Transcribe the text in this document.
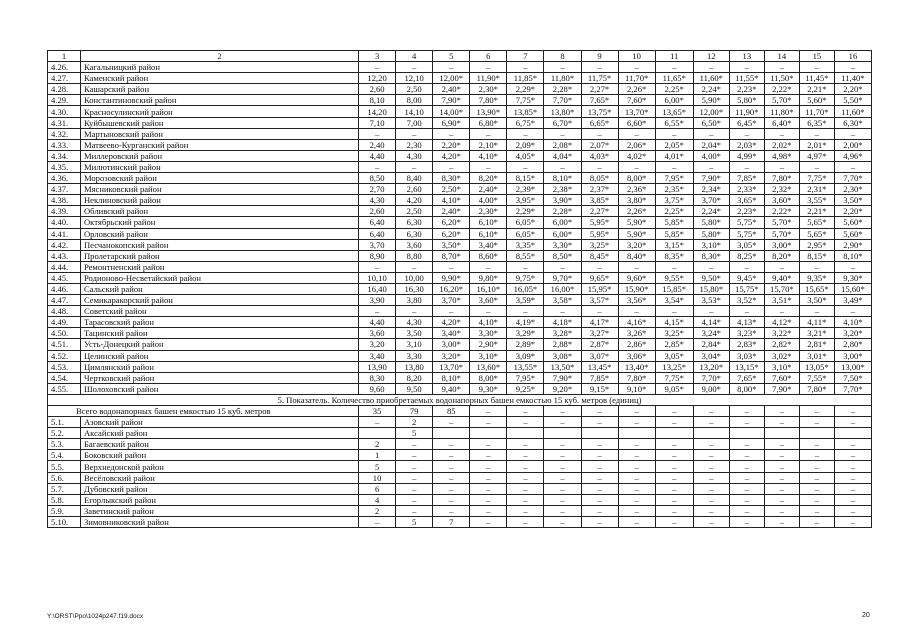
1	2	3	4	5	6	7	8	9	10	11	12	13	14	15	16
4.26.	Кагальницкий район	–	–	–	–	–	–	–	–	–	–	–	–	–	–
4.27.	Каменский район	12,20	12,10	12,00*	11,90*	11,85*	11,80*	11,75*	11,70*	11,65*	11,60*	11,55*	11,50*	11,45*	11,40*
4.28.	Кашарский район	2,60	2,50	2,40*	2,30*	2,29*	2,28*	2,27*	2,26*	2,25*	2,24*	2,23*	2,22*	2,21*	2,20*
4.29.	Константиновский район	8,10	8,00	7,90*	7,80*	7,75*	7,70*	7,65*	7,60*	6,00*	5,90*	5,80*	5,70*	5,60*	5,50*
4.30.	Красносулинский район	14,20	14,10	14,00*	13,90*	13,85*	13,80*	13,75*	13,70*	13,65*	12,00*	11,90*	11,80*	11,70*	11,60*
4.31.	Куйбышевский район	7,10	7,00	6,90*	6,80*	6,75*	6,70*	6,65*	6,60*	6,55*	6,50*	6,45*	6,40*	6,35*	6,30*
4.32.	Мартыновский район	–	–	–	–	–	–	–	–	–	–	–	–	–	–
4.33.	Матвеево-Курганский район	2,40	2,30	2,20*	2,10*	2,09*	2,08*	2,07*	2,06*	2,05*	2,04*	2,03*	2,02*	2,01*	2,00*
4.34.	Миллеровский район	4,40	4,30	4,20*	4,10*	4,05*	4,04*	4,03*	4,02*	4,01*	4,00*	4,99*	4,98*	4,97*	4,96*
4.35.	Милютинский район	–	–	–	–	–	–	–	–	–	–	–	–	–	–
4.36.	Морозовский район	8,50	8,40	8,30*	8,20*	8,15*	8,10*	8,05*	8,00*	7,95*	7,90*	7,85*	7,80*	7,75*	7,70*
4.37.	Мясниковский район	2,70	2,60	2,50*	2,40*	2,39*	2,38*	2,37*	2,36*	2,35*	2,34*	2,33*	2,32*	2,31*	2,30*
4.38.	Неклиновский район	4,30	4,20	4,10*	4,00*	3,95*	3,90*	3,85*	3,80*	3,75*	3,70*	3,65*	3,60*	3,55*	3,50*
4.39.	Обливский район	2,60	2,50	2,40*	2,30*	2,29*	2,28*	2,27*	2,26*	2,25*	2,24*	2,23*	2,22*	2,21*	2,20*
4.40.	Октябрьский район	6,40	6,30	6,20*	6,10*	6,05*	6,00*	5,95*	5,90*	5,85*	5,80*	5,75*	5,70*	5,65*	5,60*
4.41.	Орловский район	6,40	6,30	6,20*	6,10*	6,05*	6,00*	5,95*	5,90*	5,85*	5,80*	5,75*	5,70*	5,65*	5,60*
4.42.	Песчанокопский район	3,70	3,60	3,50*	3,40*	3,35*	3,30*	3,25*	3,20*	3,15*	3,10*	3,05*	3,00*	2,95*	2,90*
4.43.	Пролетарский район	8,90	8,80	8,70*	8,60*	8,55*	8,50*	8,45*	8,40*	8,35*	8,30*	8,25*	8,20*	8,15*	8,10*
4.44.	Ремонтненский район	–	–	–	–	–	–	–	–	–	–	–	–	–	–
4.45.	Родионово-Несветайский район	10,10	10,00	9,90*	9,80*	9,75*	9,70*	9,65*	9,60*	9,55*	9,50*	9,45*	9,40*	9,35*	9,30*
4.46.	Сальский район	16,40	16,30	16,20*	16,10*	16,05*	16,00*	15,95*	15,90*	15,85*	15,80*	15,75*	15,70*	15,65*	15,60*
4.47.	Семикаракорский район	3,90	3,80	3,70*	3,60*	3,59*	3,58*	3,57*	3,56*	3,54*	3,53*	3,52*	3,51*	3,50*	3,49*
4.48.	Советский район	–	–	–	–	–	–	–	–	–	–	–	–	–	–
4.49.	Тарасовский район	4,40	4,30	4,20*	4,10*	4,19*	4,18*	4,17*	4,16*	4,15*	4,14*	4,13*	4,12*	4,11*	4,10*
4.50.	Тацинский район	3,60	3,50	3,40*	3,30*	3,29*	3,28*	3,27*	3,26*	3,25*	3,24*	3,23*	3,22*	3,21*	3,20*
4.51.	Усть-Донецкий район	3,20	3,10	3,00*	2,90*	2,89*	2,88*	2,87*	2,86*	2,85*	2,84*	2,83*	2,82*	2,81*	2,80*
4.52.	Целинский район	3,40	3,30	3,20*	3,10*	3,09*	3,08*	3,07*	3,06*	3,05*	3,04*	3,03*	3,02*	3,01*	3,00*
4.53.	Цимлянский район	13,90	13,80	13,70*	13,60*	13,55*	13,50*	13,45*	13,40*	13,25*	13,20*	13,15*	3,10*	13,05*	13,00*
4.54.	Чертковский район	8,30	8,20	8,10*	8,00*	7,95*	7,90*	7,85*	7,80*	7,75*	7,70*	7,65*	7,60*	7,55*	7,50*
4.55.	Шолоховский район	9,60	9,50	9,40*	9,30*	9,25*	9,20*	9,15*	9,10*	9,05*	9,00*	8,00*	7,90*	7,80*	7,70*
5. Показатель. Количество приобретаемых водонапорных башен емкостью 15 куб. метров (единиц)															
Всего водонапорных башен емкостью 15 куб. метров		35	79	85	–	–	–	–	–	–	–	–	–	–	–
5.1.	Азовский район	–	2	–	–	–	–	–	–	–	–	–	–	–	–
5.2.	Аксайский район		5												
5.3.	Багаевский район	2	–	–	–	–	–	–	–	–	–	–	–	–	–
5.4.	Боковский район	1	–	–	–	–	–	–	–	–	–	–	–	–	–
5.5.	Верхнедонской район	5	–	–	–	–	–	–	–	–	–	–	–	–	–
5.6.	Весёловский район	10	–	–	–	–	–	–	–	–	–	–	–	–	–
5.7.	Дубовский район	6	–	–	–	–	–	–	–	–	–	–	–	–	–
5.8.	Егорлыкский район	4	–	–	–	–	–	–	–	–	–	–	–	–	–
5.9.	Заветинский район	2	–	–	–	–	–	–	–	–	–	–	–	–	–
5.10.	Зимовниковский район	–	5	7	–	–	–	–	–	–	–	–	–	–	–
Y:\ORST\Ppo\1024p247.f19.docx	20
